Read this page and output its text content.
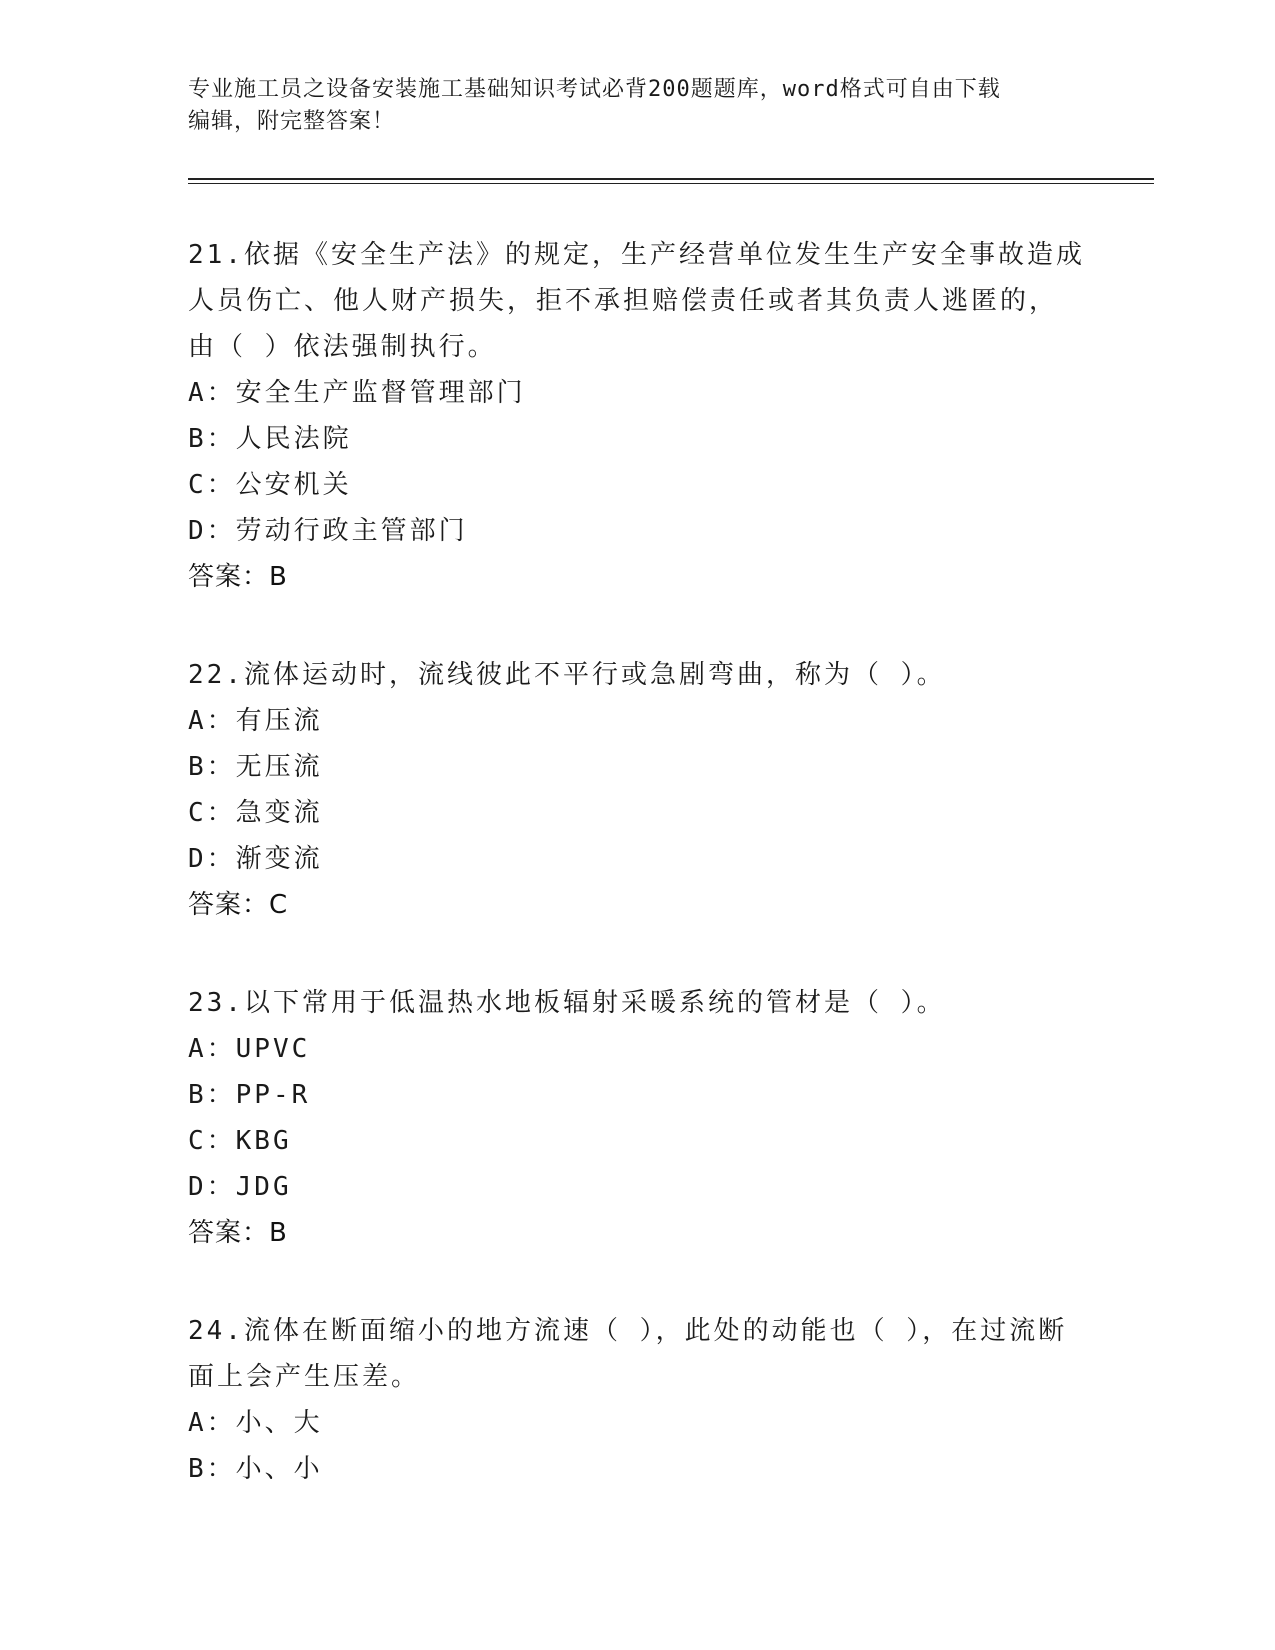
专业施工员之设备安装施工基础知识考试必背200题题库，word格式可自由下载
编辑，附完整答案！
21.依据《安全生产法》的规定，生产经营单位发生生产安全事故造成
人员伤亡、他人财产损失，拒不承担赔偿责任或者其负责人逃匿的，
由（ ）依法强制执行。
A：安全生产监督管理部门
B：人民法院
C：公安机关
D：劳动行政主管部门
答案：B
22.流体运动时，流线彼此不平行或急剧弯曲，称为（ ）。
A：有压流
B：无压流
C：急变流
D：渐变流
答案：C
23.以下常用于低温热水地板辐射采暖系统的管材是（ ）。
A：UPVC
B：PP-R
C：KBG
D：JDG
答案：B
24.流体在断面缩小的地方流速（ ），此处的动能也（ ），在过流断
面上会产生压差。
A：小、大
B：小、小
